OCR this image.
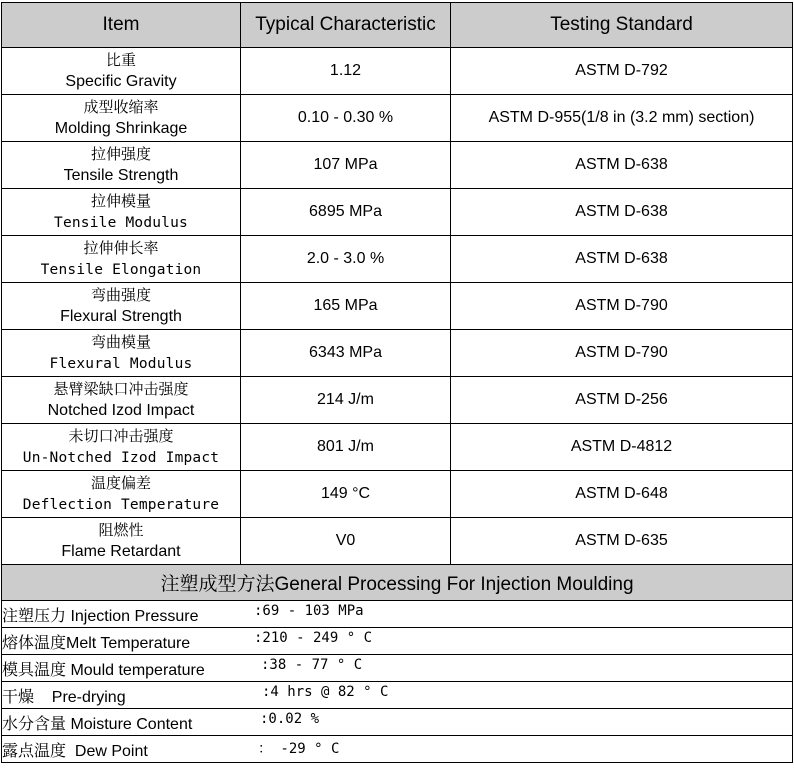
Item	Typical Characteristic	Testing Standard

比重
Specific Gravity	1.12	ASTM D-792

成型收缩率
Molding Shrinkage	0.10 - 0.30 %	ASTM D-955(1/8 in (3.2 mm) section)

拉伸强度
Tensile Strength	107 MPa	ASTM D-638

拉伸模量
Tensile Modulus	6895 MPa	ASTM D-638

拉伸伸长率
Tensile Elongation	2.0 - 3.0 %	ASTM D-638

弯曲强度
Flexural Strength	165 MPa	ASTM D-790

弯曲模量
Flexural Modulus	6343 MPa	ASTM D-790

悬臂梁缺口冲击强度
Notched Izod Impact	214 J/m	ASTM D-256

未切口冲击强度
Un-Notched Izod Impact	801 J/m	ASTM D-4812

温度偏差
Deflection Temperature	149 °C	ASTM D-648

阻燃性
Flame Retardant	V0	ASTM D-635
注塑成型方法General Processing For Injection Moulding		
注塑压力 Injection Pressure :69 - 103 MPa		

熔体温度Melt Temperature :210 - 249 ° C		

模具温度 Mould temperature :38 - 77 ° C		

干燥    Pre-drying :4 hrs @ 82 ° C		

水分含量 Moisture Content :0.02 %		

露点温度  Dew Point ： -29 ° C		
